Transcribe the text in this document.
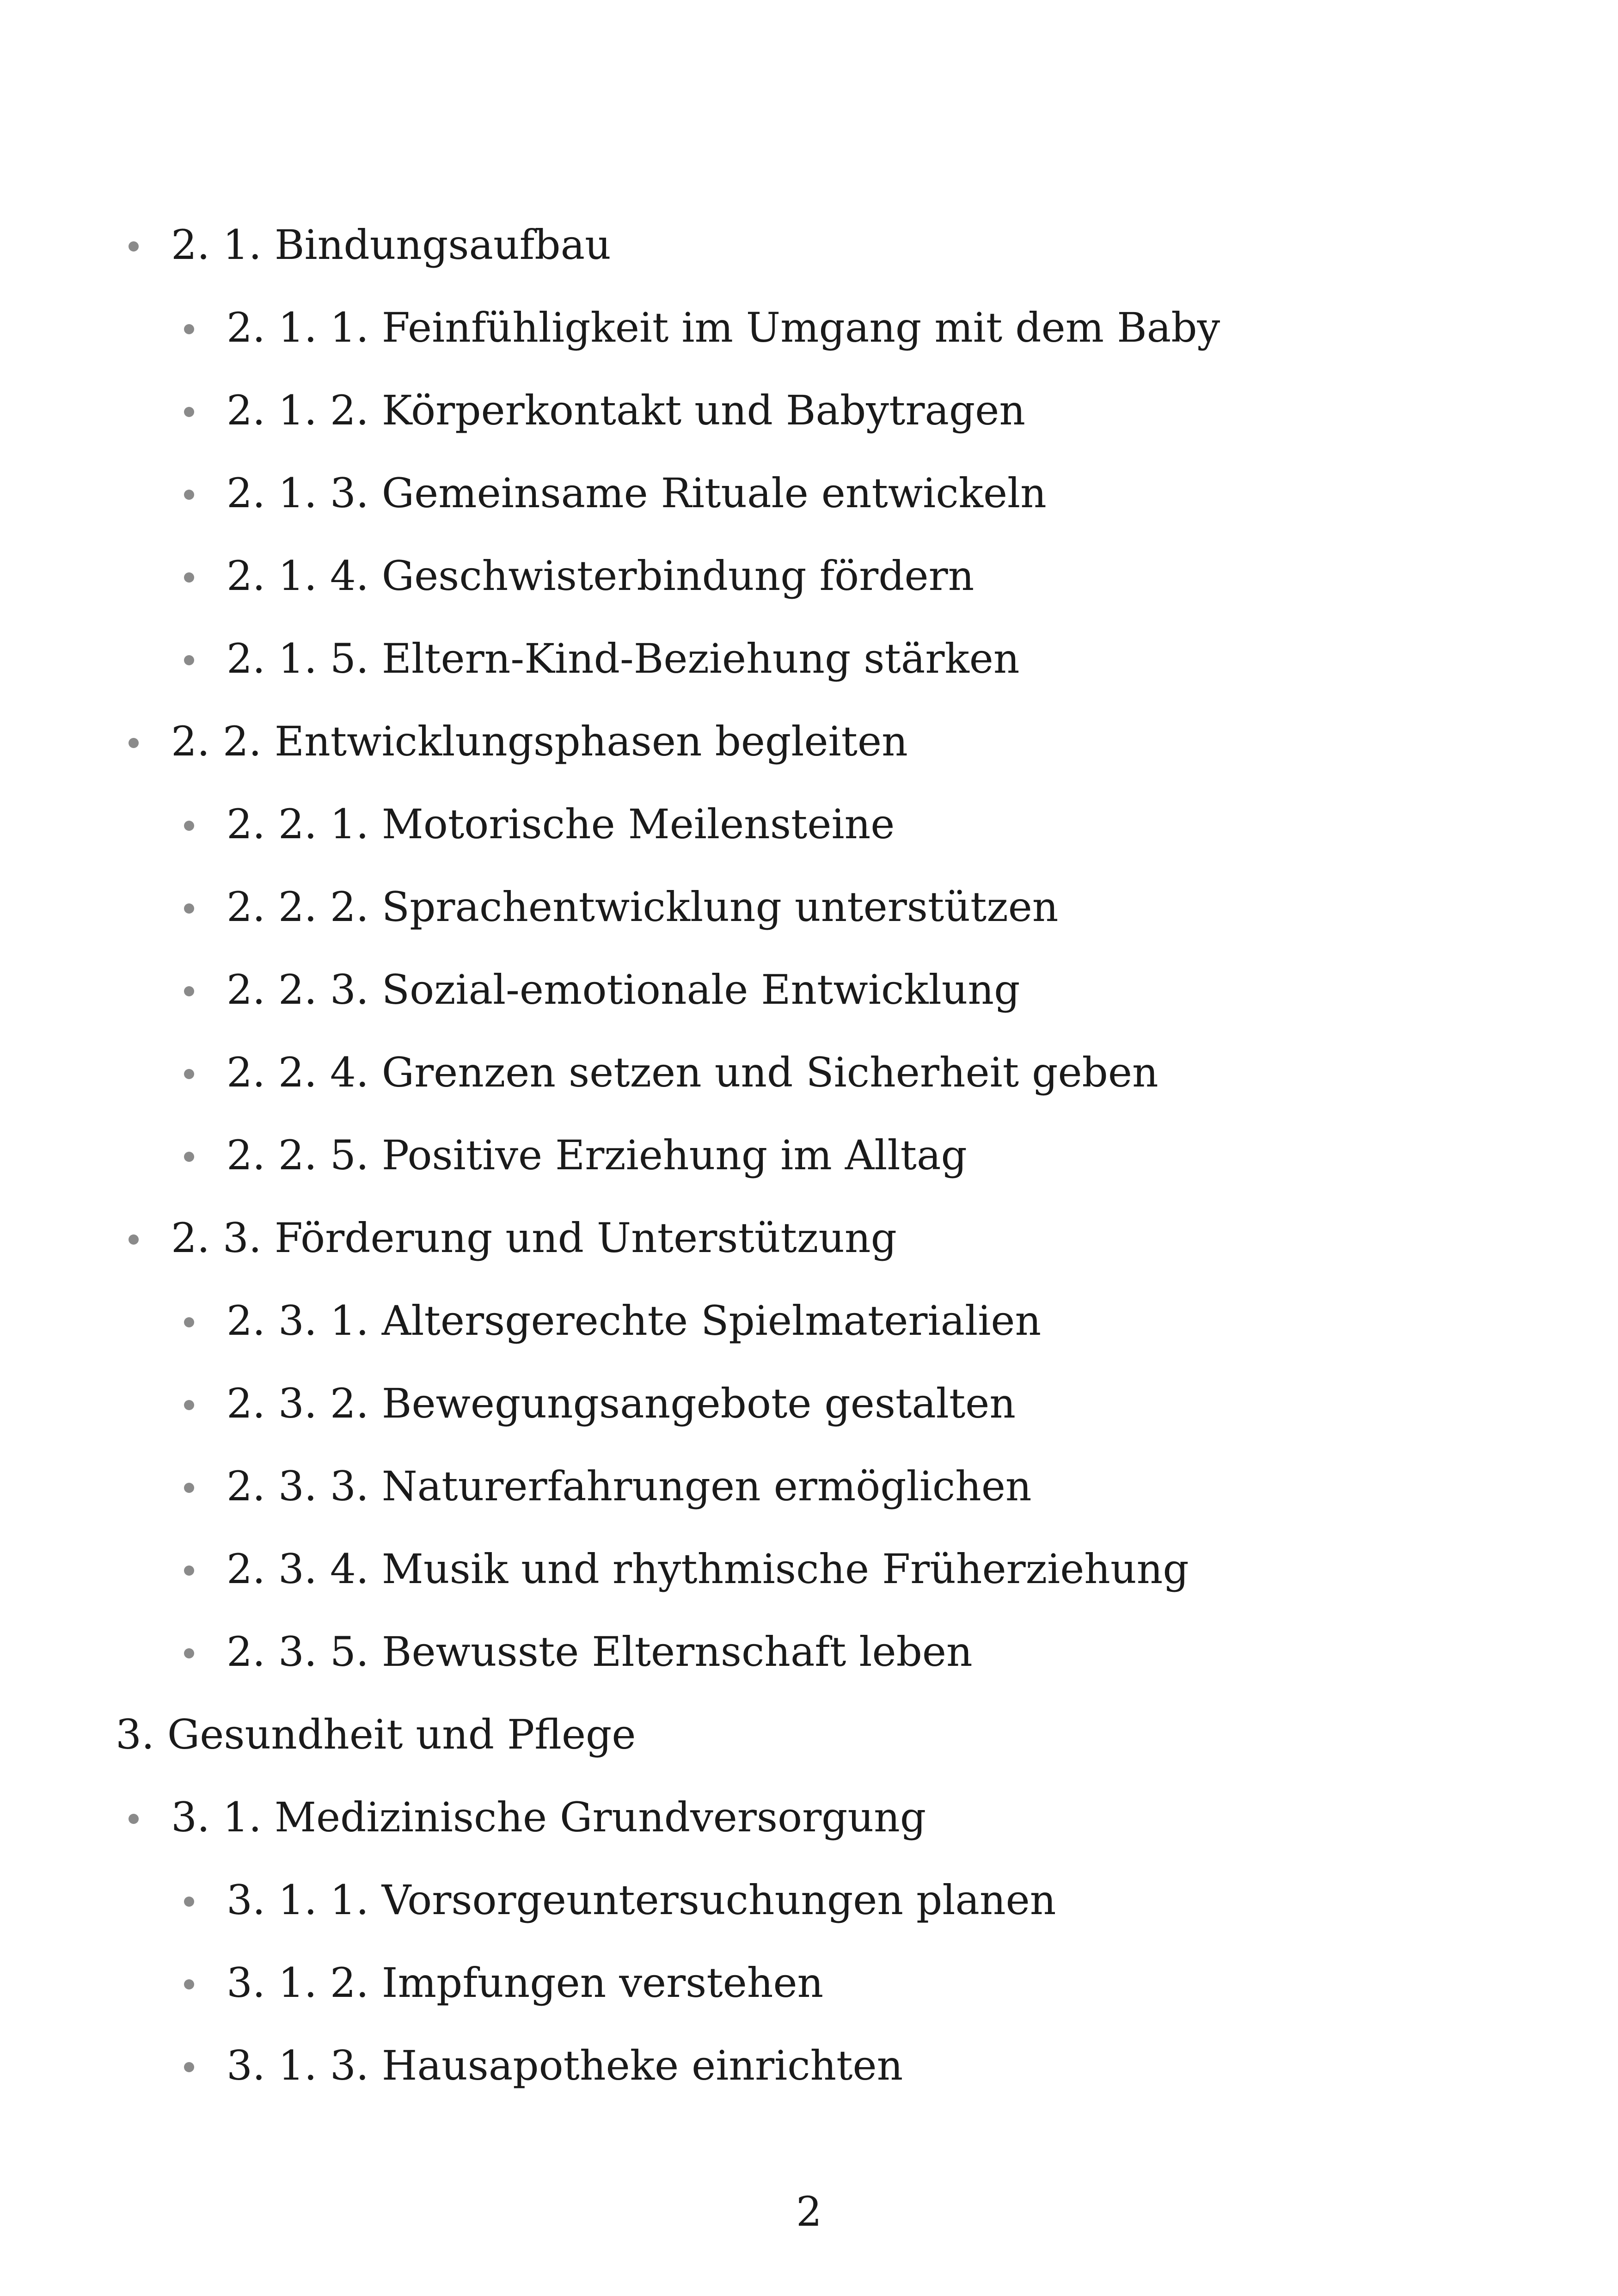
2. 1. Bindungsaufbau
2. 1. 1. Feinfühligkeit im Umgang mit dem Baby
2. 1. 2. Körperkontakt und Babytragen
2. 1. 3. Gemeinsame Rituale entwickeln
2. 1. 4. Geschwisterbindung fördern
2. 1. 5. Eltern-Kind-Beziehung stärken
2. 2. Entwicklungsphasen begleiten
2. 2. 1. Motorische Meilensteine
2. 2. 2. Sprachentwicklung unterstützen
2. 2. 3. Sozial-emotionale Entwicklung
2. 2. 4. Grenzen setzen und Sicherheit geben
2. 2. 5. Positive Erziehung im Alltag
2. 3. Förderung und Unterstützung
2. 3. 1. Altersgerechte Spielmaterialien
2. 3. 2. Bewegungsangebote gestalten
2. 3. 3. Naturerfahrungen ermöglichen
2. 3. 4. Musik und rhythmische Früherziehung
2. 3. 5. Bewusste Elternschaft leben
3. Gesundheit und Pflege
3. 1. Medizinische Grundversorgung
3. 1. 1. Vorsorgeuntersuchungen planen
3. 1. 2. Impfungen verstehen
3. 1. 3. Hausapotheke einrichten
2
